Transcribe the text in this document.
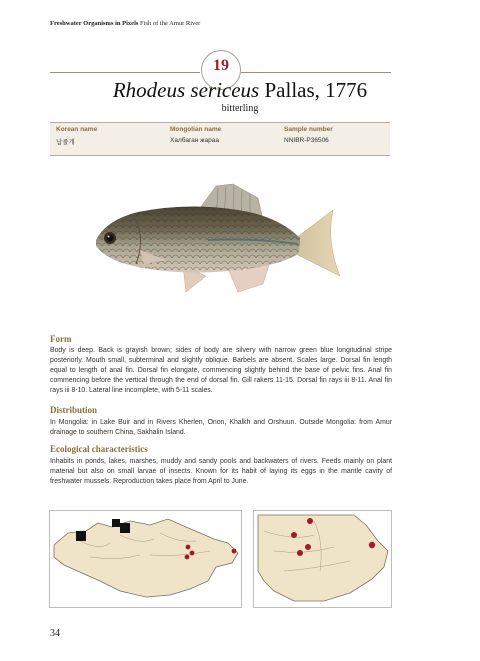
Freshwater Organisms in Pixels Fish of the Amur River
19
Rhodeus sericeus Pallas, 1776
bitterling
Korean name
납줄개
Mongolian name
Халбаган жараа
Sample number
NNIBR-P36506
Form

Body is deep. Back is grayish brown; sides of body are silvery with narrow green blue longitudinal stripe posteriorly. Mouth small, subterminal and slightly oblique. Barbels are absent. Scales large. Dorsal fin length equal to length of anal fin. Dorsal fin elongate, commencing slightly behind the base of pelvic fins. Anal fin commencing before the vertical through the end of dorsal fin. Gill rakers 11-15. Dorsal fin rays iii 8-11. Anal fin rays iii 8-10. Lateral line incomplete, with 5-11 scales.

Distribution

In Mongolia: in Lake Buir and in Rivers Kherlen, Onon, Khalkh and Orshuun. Outside Mongolia: from Amur drainage to southern China, Sakhalin Island.

Ecological characteristics

Inhabits in ponds, lakes, marshes, muddy and sandy pools and backwaters of rivers. Feeds mainly on plant material but also on small larvae of insects. Known for its habit of laying its eggs in the mantle cavity of freshwater mussels. Reproduction takes place from April to June.

34
